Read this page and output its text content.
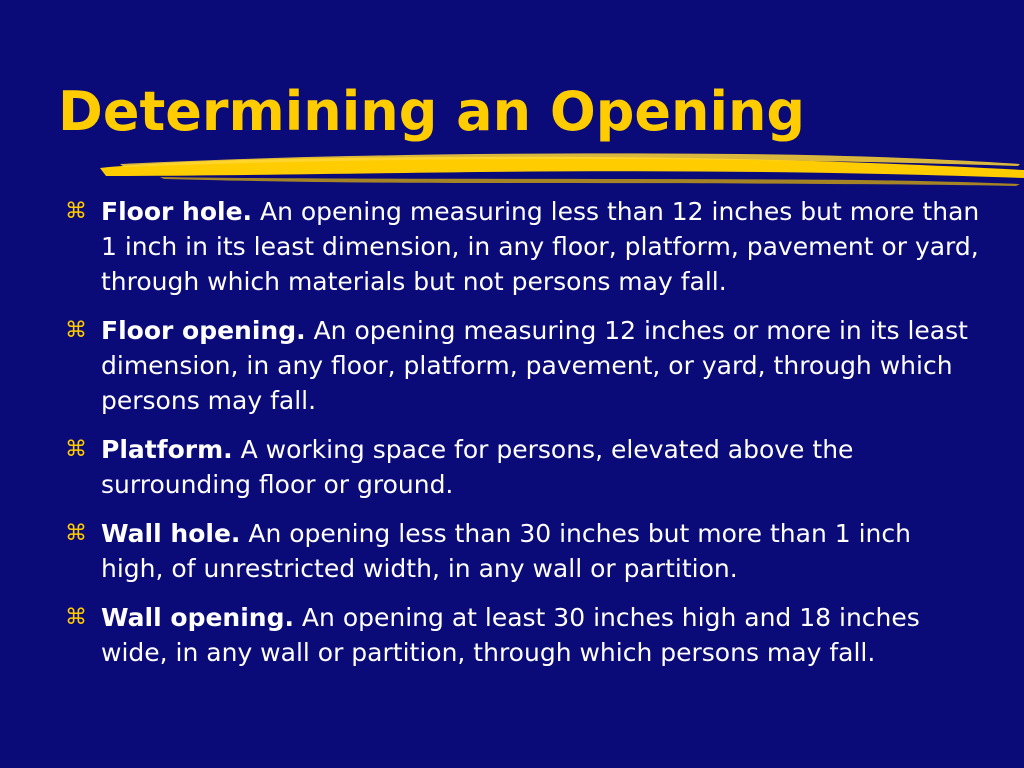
Determining an Opening
⌘ Floor hole. An opening measuring less than 12 inches but more than 1 inch in its least dimension, in any floor, platform, pavement or yard, through which materials but not persons may fall.
⌘ Floor opening. An opening measuring 12 inches or more in its least dimension, in any floor, platform, pavement, or yard, through which persons may fall.
⌘ Platform. A working space for persons, elevated above the surrounding floor or ground.
⌘ Wall hole. An opening less than 30 inches but more than 1 inch high, of unrestricted width, in any wall or partition.
⌘ Wall opening. An opening at least 30 inches high and 18 inches wide, in any wall or partition, through which persons may fall.
